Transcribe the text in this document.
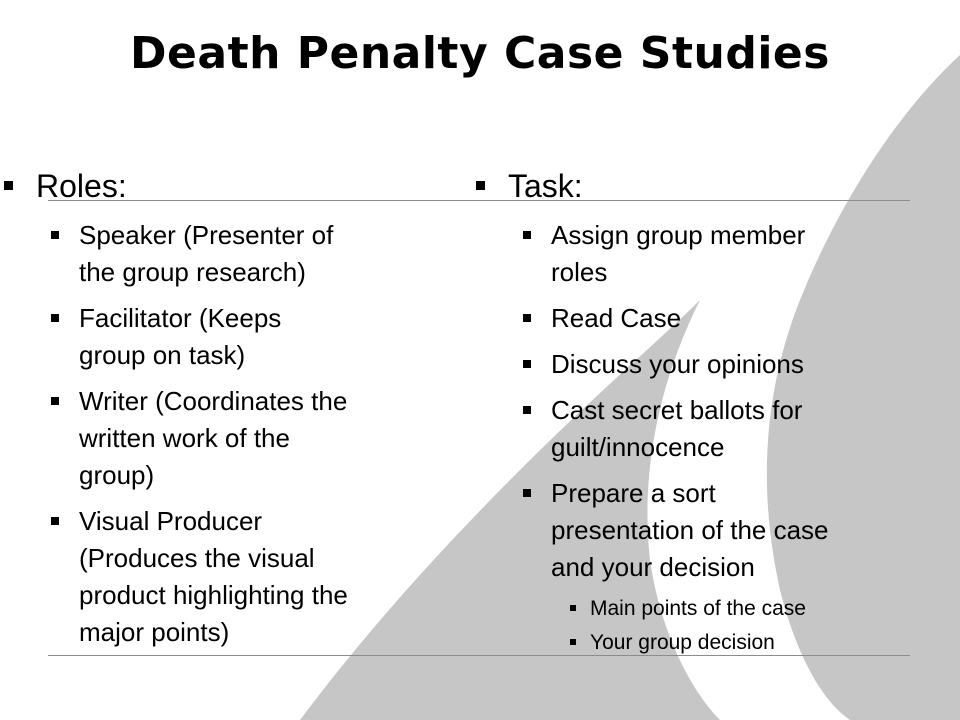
Death Penalty Case Studies
Roles:
Speaker (Presenter of
the group research)
Facilitator (Keeps
group on task)
Writer (Coordinates the
written work of the
group)
Visual Producer
(Produces the visual
product highlighting the
major points)
Task:
Assign group member
roles
Read Case
Discuss your opinions
Cast secret ballots for
guilt/innocence
Prepare a sort
presentation of the case
and your decision
Main points of the case
Your group decision
